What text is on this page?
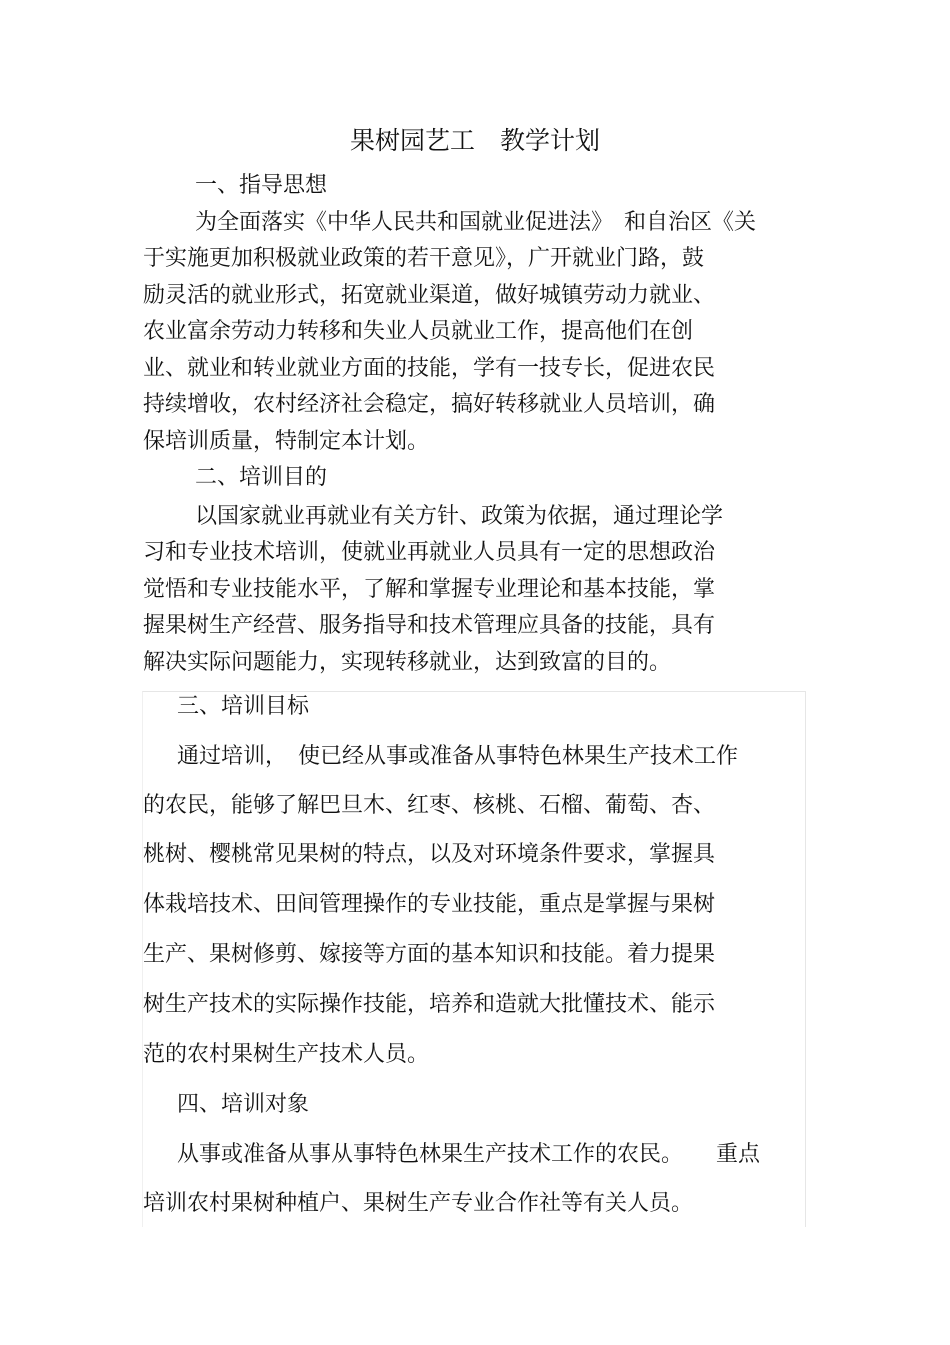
果树园艺工　教学计划
一、指导思想
为全面落实《中华人民共和国就业促进法》　和自治区《关
于实施更加积极就业政策的若干意见》，广开就业门路，鼓
励灵活的就业形式，拓宽就业渠道，做好城镇劳动力就业、
农业富余劳动力转移和失业人员就业工作，提高他们在创
业、就业和转业就业方面的技能，学有一技专长，促进农民
持续增收，农村经济社会稳定，搞好转移就业人员培训，确
保培训质量，特制定本计划。
二、培训目的
以国家就业再就业有关方针、政策为依据，通过理论学
习和专业技术培训，使就业再就业人员具有一定的思想政治
觉悟和专业技能水平，了解和掌握专业理论和基本技能，掌
握果树生产经营、服务指导和技术管理应具备的技能，具有
解决实际问题能力，实现转移就业，达到致富的目的。
三、培训目标
通过培训，　使已经从事或准备从事特色林果生产技术工作
的农民，能够了解巴旦木、红枣、核桃、石榴、葡萄、杏、
桃树、樱桃常见果树的特点，以及对环境条件要求，掌握具
体栽培技术、田间管理操作的专业技能，重点是掌握与果树
生产、果树修剪、嫁接等方面的基本知识和技能。着力提果
树生产技术的实际操作技能，培养和造就大批懂技术、能示
范的农村果树生产技术人员。
四、培训对象
从事或准备从事从事特色林果生产技术工作的农民。　　重点
培训农村果树种植户、果树生产专业合作社等有关人员。
